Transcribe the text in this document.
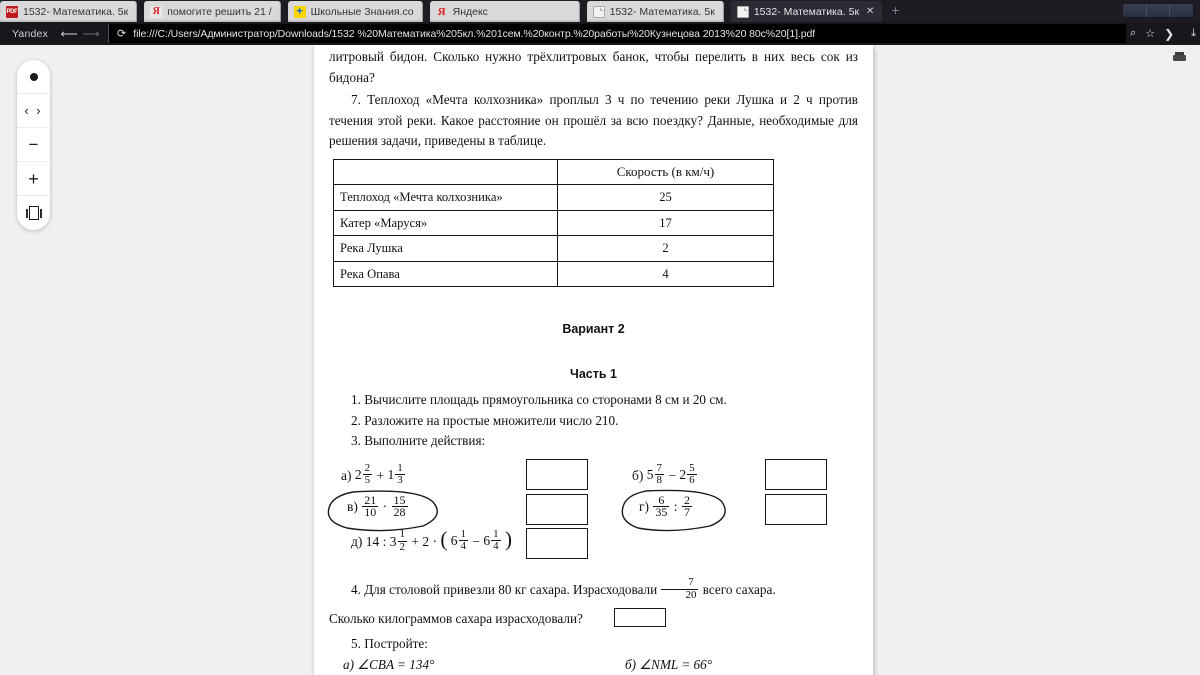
PDF 1532- Математика. 5к Я помогите решить 21 /	✦ Школьные Знания.co Я Яндекс	1532- Математика. 5к	1532- Математика. 5к ✕	+
Yandex	⟵ ⟶ ⟳ file:///C:/Users/Администратор/Downloads/1532 %20Математика%205кл.%201сем.%20контр.%20работы%20Кузнецова 2013%20 80с%20[1].pdf	⌕ ☆ ❯	⤓
‹ ›
−
+
литровый бидон. Сколько нужно трёхлитровых банок, чтобы перелить в них весь сок из бидона?
7. Теплоход «Мечта колхозника» проплыл 3 ч по течению реки Лушка и 2 ч против течения этой реки. Какое расстояние он прошёл за всю поездку? Данные, необходимые для решения задачи, приведены в таблице.
	Скорость (в км/ч)
Теплоход «Мечта колхозника»	25
Катер «Маруся»	17
Река Лушка	2
Река Опава	4
Вариант 2
Часть 1
1. Вычислите площадь прямоугольника со сторонами 8 см и 20 см.
2. Разложите на простые множители число 210.
3. Выполните действия:
а) $2 \frac{2}{5} + 1 \frac{1}{3}$	б) $5 \frac{7}{8} - 2 \frac{5}{6}$
$в) \frac{21}{10} \cdot \frac{15}{28}$	$г) \frac{6}{35}$ : $\frac{2}{7}$
д) 14 : $3 \frac{1}{2} + 2$ · ( $6 \frac{1}{4} - 6 \frac{1}{4}$ )
4. Для столовой привезли 80 кг сахара. Израсходовали $\frac{7}{20}$ всего сахара.
Сколько килограммов сахара израсходовали?
5. Постройте:
а) ∠CBA = 134°	б) ∠NML = 66°
